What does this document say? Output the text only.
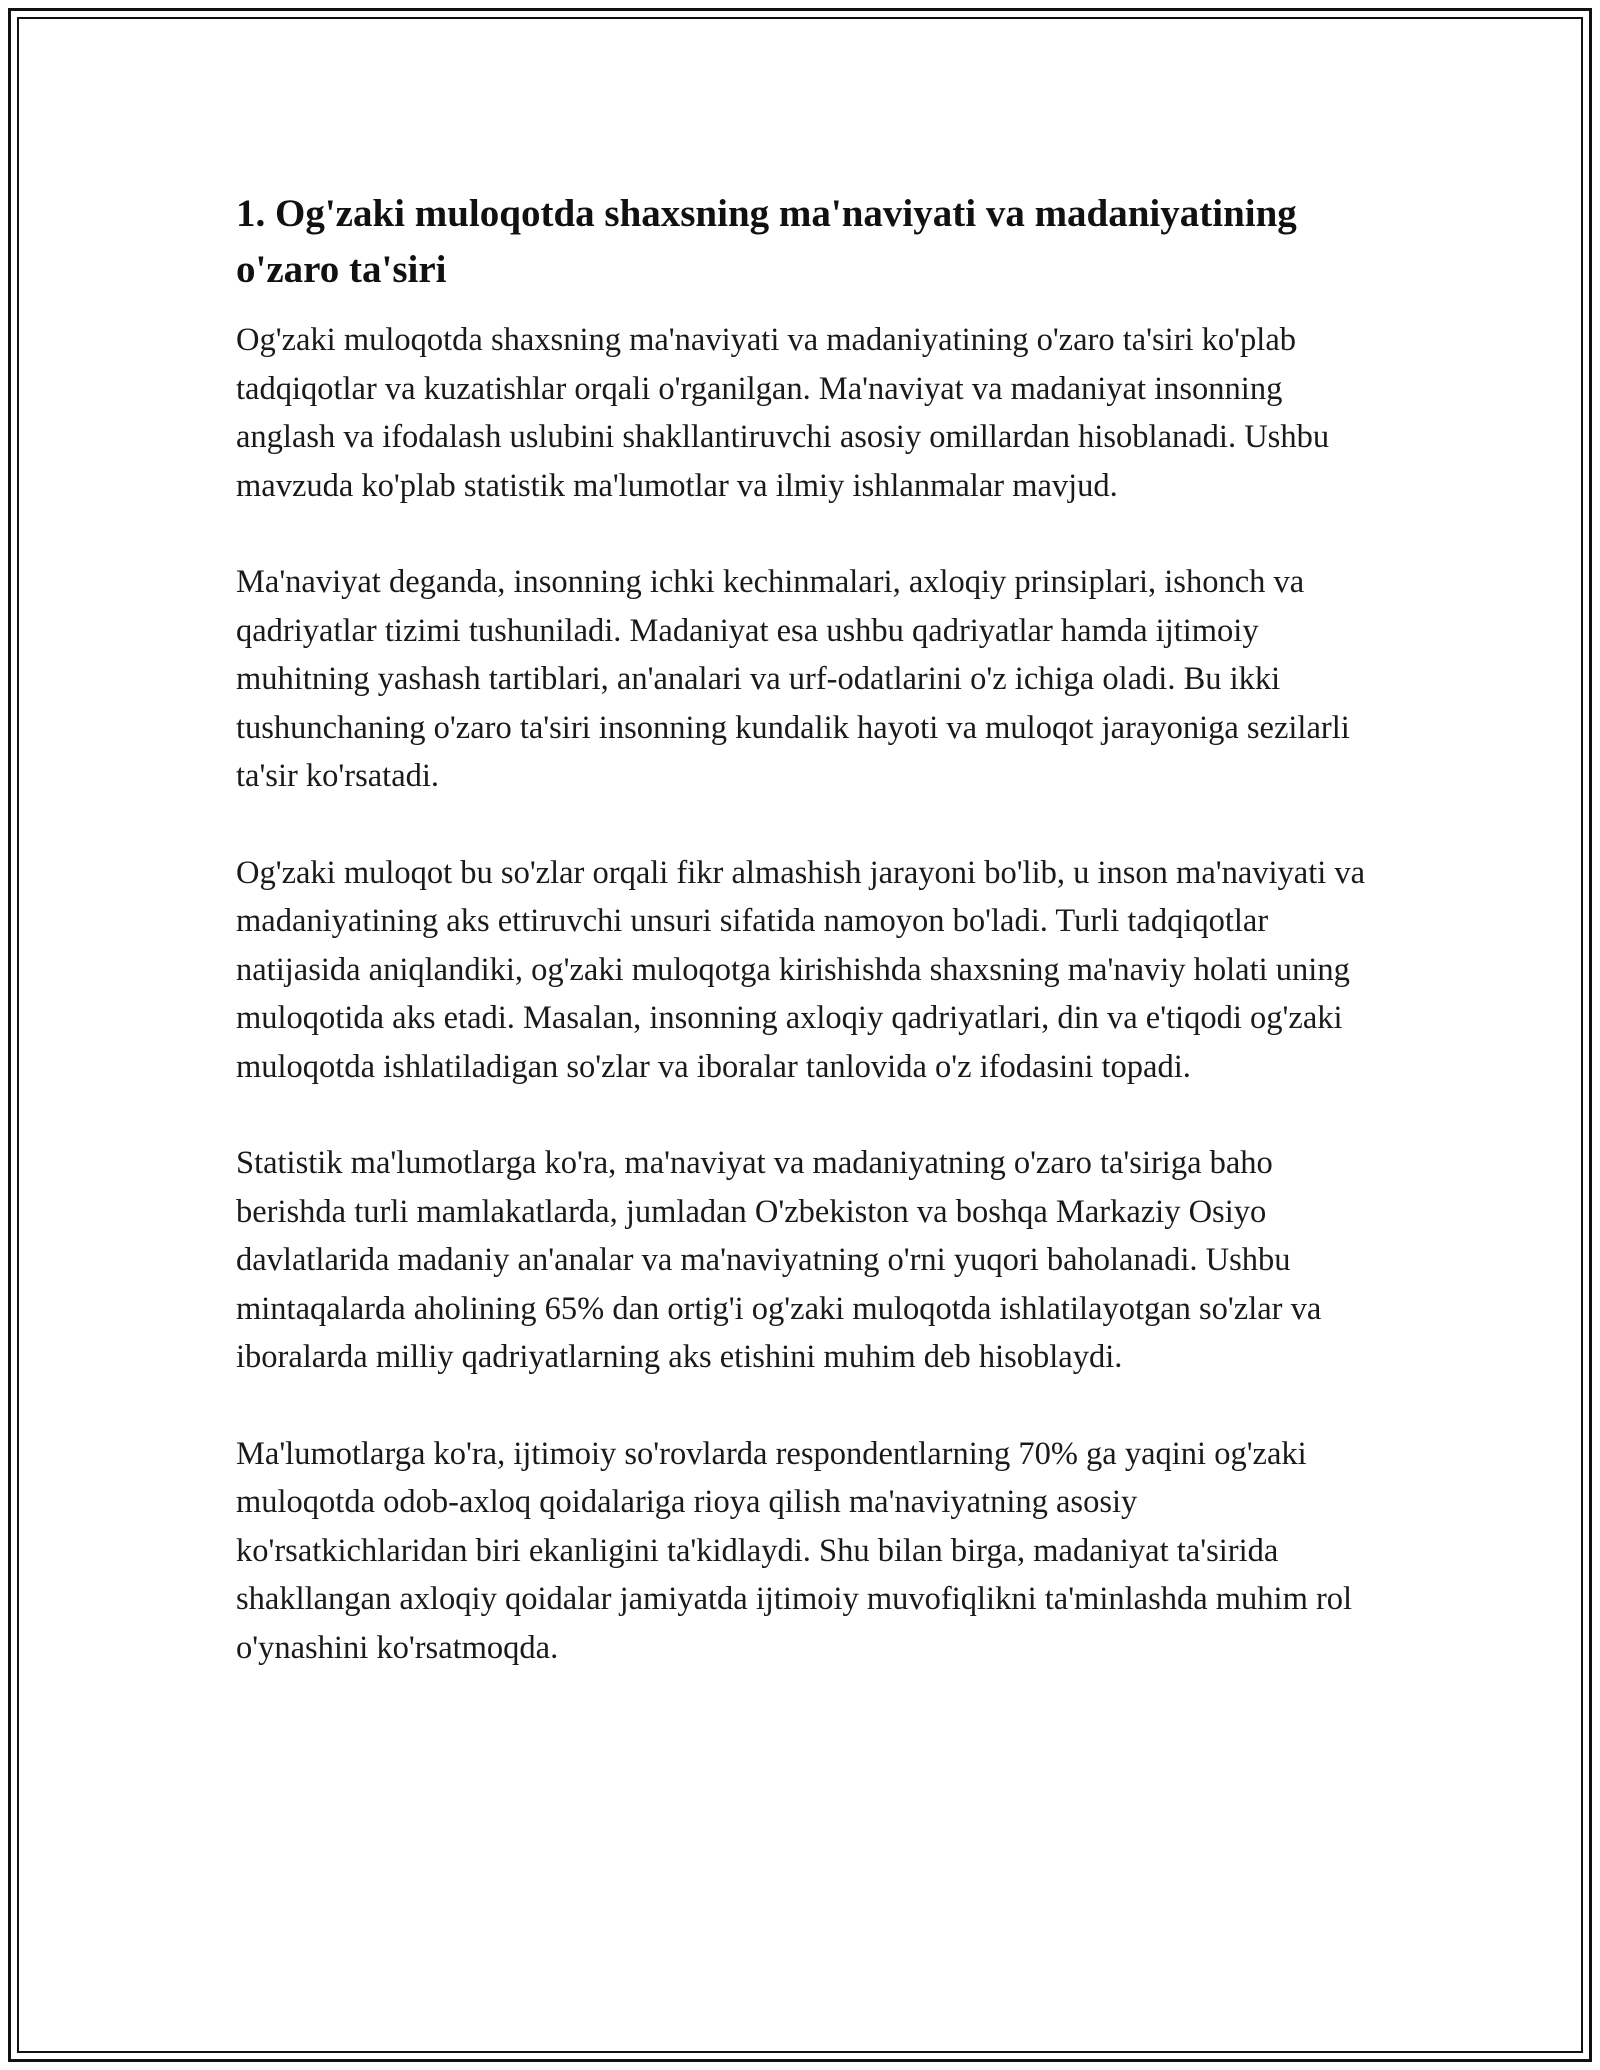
1. Og'zaki muloqotda shaxsning ma'naviyati va madaniyatining o'zaro ta'siri

Og'zaki muloqotda shaxsning ma'naviyati va madaniyatining o'zaro ta'siri ko'plab tadqiqotlar va kuzatishlar orqali o'rganilgan. Ma'naviyat va madaniyat insonning anglash va ifodalash uslubini shakllantiruvchi asosiy omillardan hisoblanadi. Ushbu mavzuda ko'plab statistik ma'lumotlar va ilmiy ishlanmalar mavjud.

Ma'naviyat deganda, insonning ichki kechinmalari, axloqiy prinsiplari, ishonch va qadriyatlar tizimi tushuniladi. Madaniyat esa ushbu qadriyatlar hamda ijtimoiy muhitning yashash tartiblari, an'analari va urf-odatlarini o'z ichiga oladi. Bu ikki tushunchaning o'zaro ta'siri insonning kundalik hayoti va muloqot jarayoniga sezilarli ta'sir ko'rsatadi.

Og'zaki muloqot bu so'zlar orqali fikr almashish jarayoni bo'lib, u inson ma'naviyati va madaniyatining aks ettiruvchi unsuri sifatida namoyon bo'ladi. Turli tadqiqotlar natijasida aniqlandiki, og'zaki muloqotga kirishishda shaxsning ma'naviy holati uning muloqotida aks etadi. Masalan, insonning axloqiy qadriyatlari, din va e'tiqodi og'zaki muloqotda ishlatiladigan so'zlar va iboralar tanlovida o'z ifodasini topadi.

Statistik ma'lumotlarga ko'ra, ma'naviyat va madaniyatning o'zaro ta'siriga baho berishda turli mamlakatlarda, jumladan O'zbekiston va boshqa Markaziy Osiyo davlatlarida madaniy an'analar va ma'naviyatning o'rni yuqori baholanadi. Ushbu mintaqalarda aholining 65% dan ortig'i og'zaki muloqotda ishlatilayotgan so'zlar va iboralarda milliy qadriyatlarning aks etishini muhim deb hisoblaydi.

Ma'lumotlarga ko'ra, ijtimoiy so'rovlarda respondentlarning 70% ga yaqini og'zaki muloqotda odob-axloq qoidalariga rioya qilish ma'naviyatning asosiy ko'rsatkichlaridan biri ekanligini ta'kidlaydi. Shu bilan birga, madaniyat ta'sirida shakllangan axloqiy qoidalar jamiyatda ijtimoiy muvofiqlikni ta'minlashda muhim rol o'ynashini ko'rsatmoqda.
